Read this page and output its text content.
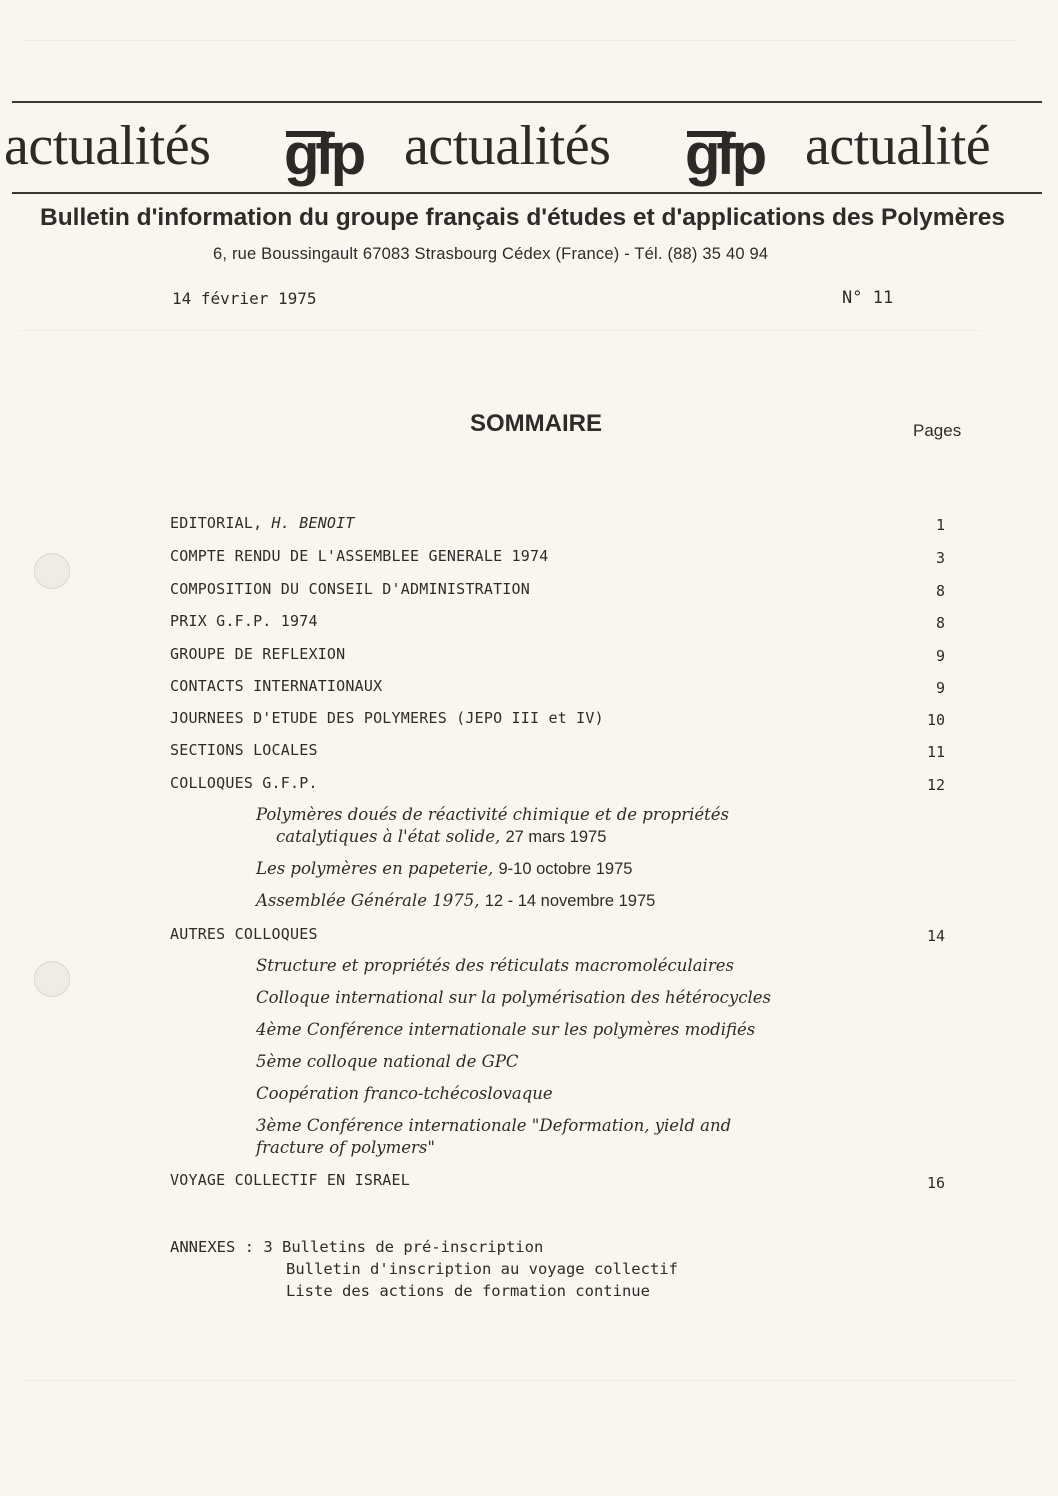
actualités gfp actualités gfp actualité
Bulletin d'information du groupe français d'études et d'applications des Polymères
6, rue Boussingault 67083 Strasbourg Cédex (France) - Tél. (88) 35 40 94
14 février 1975	N° 11
SOMMAIRE	Pages
EDITORIAL, H. BENOIT	1
COMPTE RENDU DE L'ASSEMBLEE GENERALE 1974	3
COMPOSITION DU CONSEIL D'ADMINISTRATION	8
PRIX G.F.P. 1974	8
GROUPE DE REFLEXION	9
CONTACTS INTERNATIONAUX	9
JOURNEES D'ETUDE DES POLYMERES (JEPO III et IV)	10
SECTIONS LOCALES	11
COLLOQUES G.F.P.	12
Polymères doués de réactivité chimique et de propriétés
catalytiques à l'état solide, 27 mars 1975
Les polymères en papeterie, 9-10 octobre 1975
Assemblée Générale 1975, 12 - 14 novembre 1975
AUTRES COLLOQUES	14
Structure et propriétés des réticulats macromoléculaires
Colloque international sur la polymérisation des hétérocycles
4ème Conférence internationale sur les polymères modifiés
5ème colloque national de GPC
Coopération franco-tchécoslovaque
3ème Conférence internationale "Deformation, yield and
fracture of polymers"
VOYAGE COLLECTIF EN ISRAEL	16
ANNEXES : 3 Bulletins de pré-inscription
Bulletin d'inscription au voyage collectif
Liste des actions de formation continue
